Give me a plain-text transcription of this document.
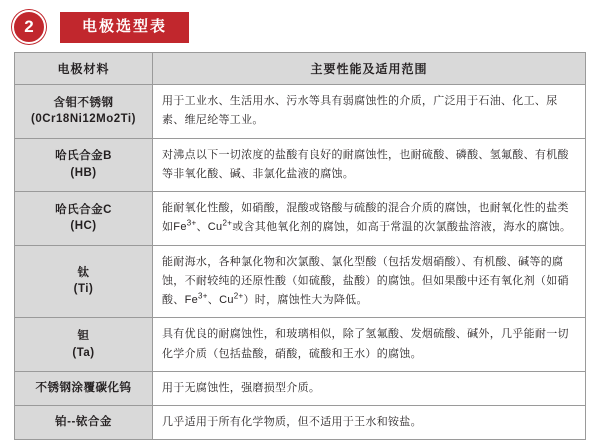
2	电极选型表
电极材料	主要性能及适用范围

含钼不锈钢
(0Cr18Ni12Mo2Ti)	用于工业水、生活用水、污水等具有弱腐蚀性的介质，广泛用于石油、化工、尿素、维尼纶等工业。

哈氏合金B
(HB)	对沸点以下一切浓度的盐酸有良好的耐腐蚀性，也耐硫酸、磷酸、氢氟酸、有机酸等非氧化酸、碱、非氯化盐液的腐蚀。

哈氏合金C
(HC)	能耐氧化性酸，如硝酸，混酸或铬酸与硫酸的混合介质的腐蚀，也耐氧化性的盐类如$Fe^{3+}$、$Cu^{2+}$或含其他氧化剂的腐蚀，如高于常温的次氯酸盐溶液，海水的腐蚀。

钛
(Ti)	能耐海水，各种氯化物和次氯酸、氯化型酸（包括发烟硝酸）、有机酸、碱等的腐蚀，不耐较纯的还原性酸（如硫酸，盐酸）的腐蚀。但如果酸中还有氧化剂（如硝酸、$Fe^{3+}$、$Cu^{2+}$）时，腐蚀性大为降低。

钽
(Ta)	具有优良的耐腐蚀性，和玻璃相似，除了氢氟酸、发烟硫酸、碱外，几乎能耐一切化学介质（包括盐酸，硝酸，硫酸和王水）的腐蚀。

不锈钢涂覆碳化钨	用于无腐蚀性，强磨损型介质。

铂--铱合金	几乎适用于所有化学物质，但不适用于王水和铵盐。
